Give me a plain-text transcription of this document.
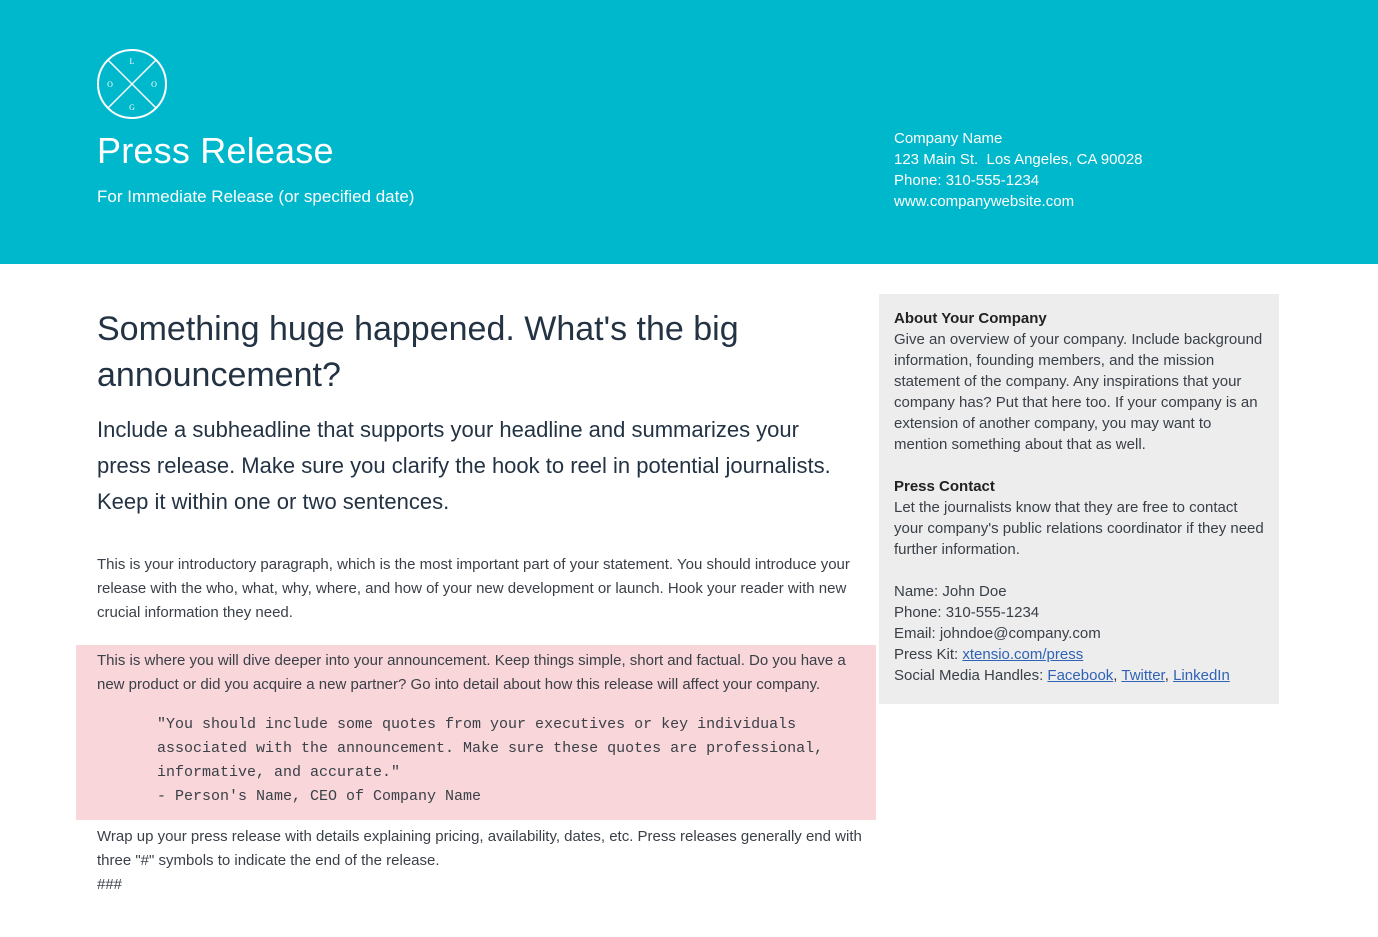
L
O
G
O
Press Release
For Immediate Release (or specified date)
Company Name
123 Main St.  Los Angeles, CA 90028
Phone: 310-555-1234
www.companywebsite.com
Something huge happened. What's the big announcement?

Include a subheadline that supports your headline and summarizes your press release. Make sure you clarify the hook to reel in potential journalists. Keep it within one or two sentences.

This is your introductory paragraph, which is the most important part of your statement. You should introduce your release with the who, what, why, where, and how of your new development or launch. Hook your reader with new crucial information they need.

This is where you will dive deeper into your announcement. Keep things simple, short and factual. Do you have a new product or did you acquire a new partner? Go into detail about how this release will affect your company.

"You should include some quotes from your executives or key individuals associated with the announcement. Make sure these quotes are professional, informative, and accurate."

- Person's Name, CEO of Company Name

Wrap up your press release with details explaining pricing, availability, dates, etc. Press releases generally end with three "#" symbols to indicate the end of the release.

###
About Your Company
Give an overview of your company. Include background information, founding members, and the mission statement of the company. Any inspirations that your company has? Put that here too. If your company is an extension of another company, you may want to mention something about that as well.
Press Contact
Let the journalists know that they are free to contact your company's public relations coordinator if they need further information.
Name: John Doe
Phone: 310-555-1234
Email: johndoe@company.com
Press Kit: xtensio.com/press
Social Media Handles: Facebook, Twitter, LinkedIn
